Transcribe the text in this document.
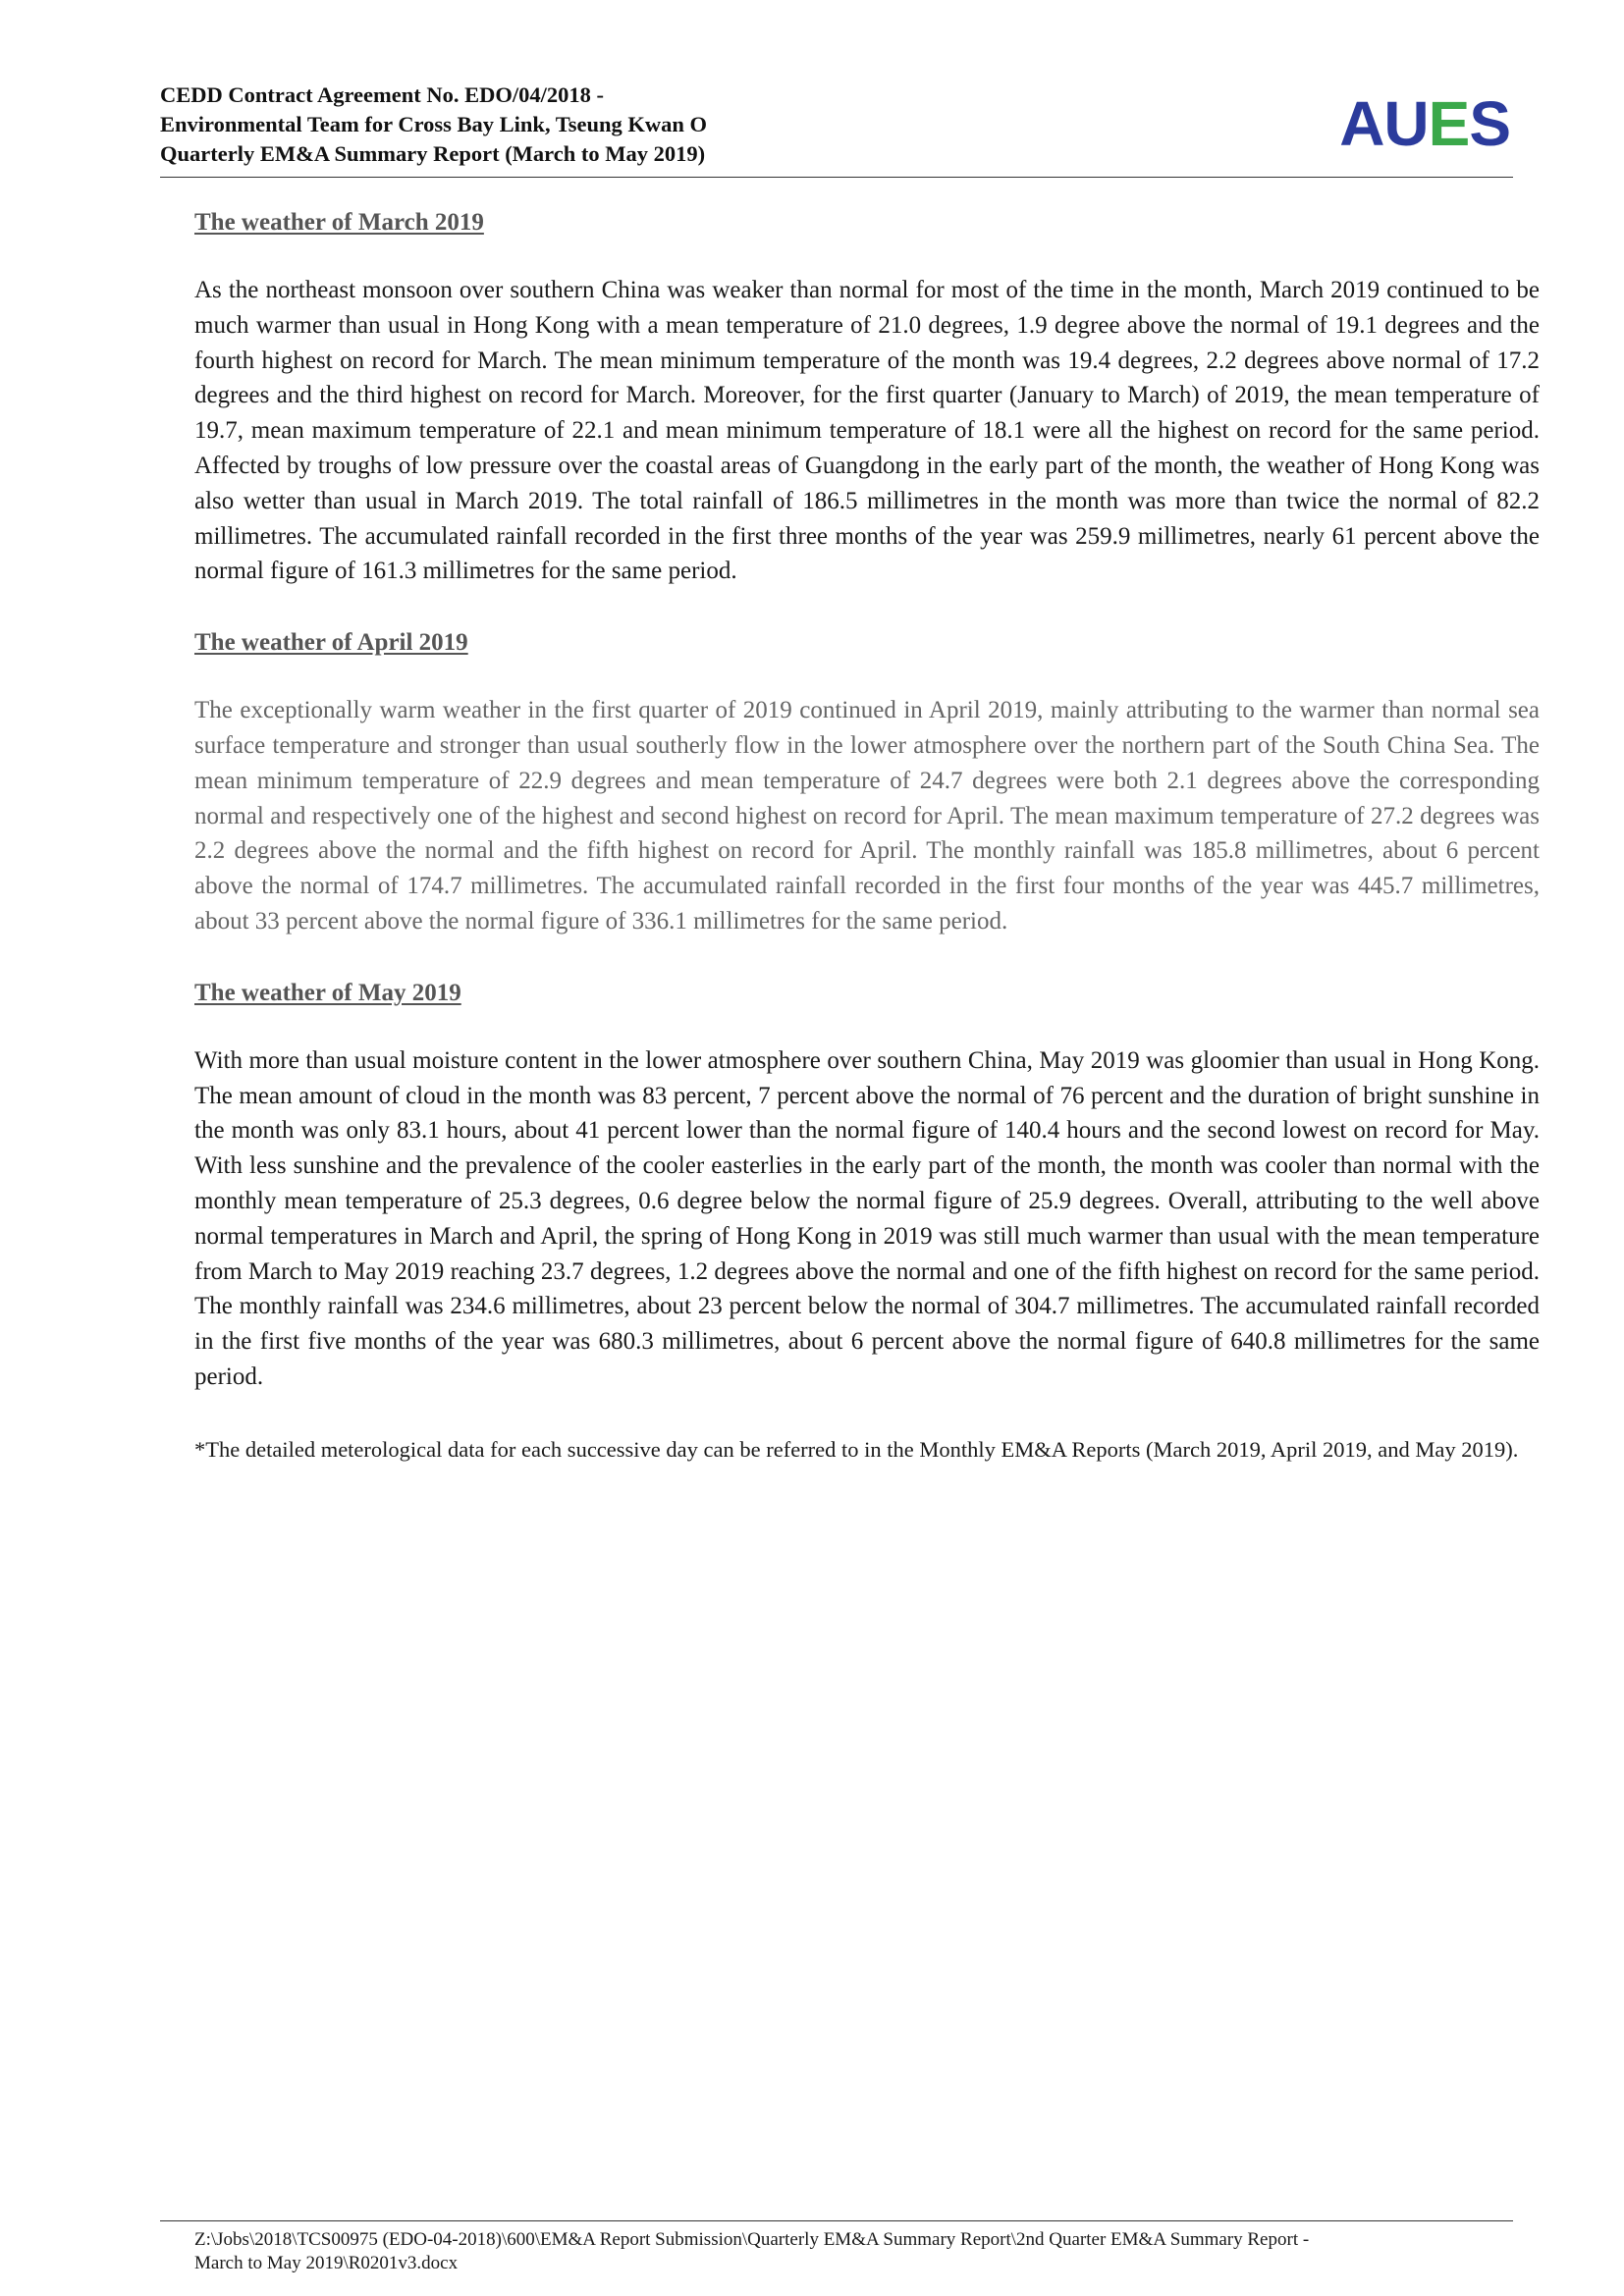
CEDD Contract Agreement No. EDO/04/2018 -
Environmental Team for Cross Bay Link, Tseung Kwan O
Quarterly EM&A Summary Report (March to May 2019)	AUES
The weather of March 2019

As the northeast monsoon over southern China was weaker than normal for most of the time in the month, March 2019 continued to be much warmer than usual in Hong Kong with a mean temperature of 21.0 degrees, 1.9 degree above the normal of 19.1 degrees and the fourth highest on record for March. The mean minimum temperature of the month was 19.4 degrees, 2.2 degrees above normal of 17.2 degrees and the third highest on record for March. Moreover, for the first quarter (January to March) of 2019, the mean temperature of 19.7, mean maximum temperature of 22.1 and mean minimum temperature of 18.1 were all the highest on record for the same period. Affected by troughs of low pressure over the coastal areas of Guangdong in the early part of the month, the weather of Hong Kong was also wetter than usual in March 2019. The total rainfall of 186.5 millimetres in the month was more than twice the normal of 82.2 millimetres. The accumulated rainfall recorded in the first three months of the year was 259.9 millimetres, nearly 61 percent above the normal figure of 161.3 millimetres for the same period.

The weather of April 2019

The exceptionally warm weather in the first quarter of 2019 continued in April 2019, mainly attributing to the warmer than normal sea surface temperature and stronger than usual southerly flow in the lower atmosphere over the northern part of the South China Sea. The mean minimum temperature of 22.9 degrees and mean temperature of 24.7 degrees were both 2.1 degrees above the corresponding normal and respectively one of the highest and second highest on record for April. The mean maximum temperature of 27.2 degrees was 2.2 degrees above the normal and the fifth highest on record for April. The monthly rainfall was 185.8 millimetres, about 6 percent above the normal of 174.7 millimetres. The accumulated rainfall recorded in the first four months of the year was 445.7 millimetres, about 33 percent above the normal figure of 336.1 millimetres for the same period.

The weather of May 2019

With more than usual moisture content in the lower atmosphere over southern China, May 2019 was gloomier than usual in Hong Kong. The mean amount of cloud in the month was 83 percent, 7 percent above the normal of 76 percent and the duration of bright sunshine in the month was only 83.1 hours, about 41 percent lower than the normal figure of 140.4 hours and the second lowest on record for May. With less sunshine and the prevalence of the cooler easterlies in the early part of the month, the month was cooler than normal with the monthly mean temperature of 25.3 degrees, 0.6 degree below the normal figure of 25.9 degrees. Overall, attributing to the well above normal temperatures in March and April, the spring of Hong Kong in 2019 was still much warmer than usual with the mean temperature from March to May 2019 reaching 23.7 degrees, 1.2 degrees above the normal and one of the fifth highest on record for the same period. The monthly rainfall was 234.6 millimetres, about 23 percent below the normal of 304.7 millimetres. The accumulated rainfall recorded in the first five months of the year was 680.3 millimetres, about 6 percent above the normal figure of 640.8 millimetres for the same period.

*The detailed meterological data for each successive day can be referred to in the Monthly EM&A Reports (March 2019, April 2019, and May 2019).
Z:\Jobs\2018\TCS00975 (EDO-04-2018)\600\EM&A Report Submission\Quarterly EM&A Summary Report\2nd Quarter EM&A Summary Report -
March to May 2019\R0201v3.docx
